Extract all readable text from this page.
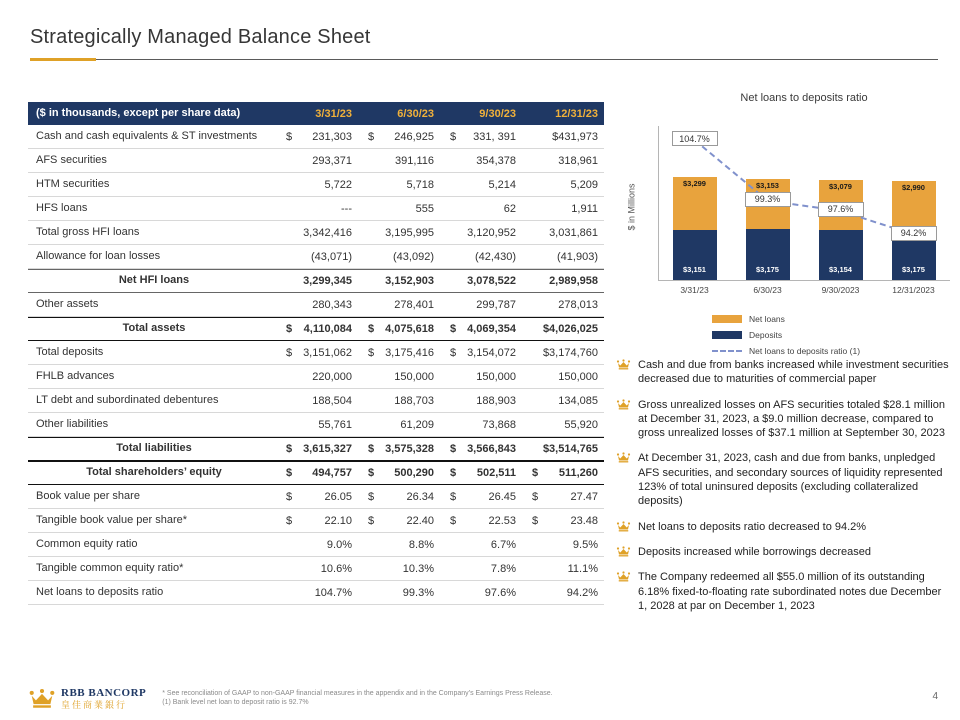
Strategically Managed Balance Sheet
($ in thousands, except per share data)	3/31/23	6/30/23	9/30/23	12/31/23
Cash and cash equivalents & ST investments	$ 231,303 $ 246,925 $ 331, 391	$431,973
AFS securities	293,371	391,116	354,378	318,961
HTM securities	5,722	5,718	5,214	5,209
HFS loans	---	555	62	1,911
Total gross HFI loans	3,342,416	3,195,995	3,120,952	3,031,861
Allowance for loan losses	(43,071)	(43,092)	(42,430)	(41,903)
Net HFI loans	3,299,345	3,152,903	3,078,522	2,989,958
Other assets	280,343	278,401	299,787	278,013
Total assets	$ 4,110,084 $ 4,075,618 $ 4,069,354	$4,026,025
Total deposits	$ 3,151,062 $ 3,175,416 $ 3,154,072	$3,174,760
FHLB advances	220,000	150,000	150,000	150,000
LT debt and subordinated debentures	188,504	188,703	188,903	134,085
Other liabilities	55,761	61,209	73,868	55,920
Total liabilities	$ 3,615,327 $ 3,575,328 $ 3,566,843	$3,514,765
Total shareholders’ equity	$ 494,757 $ 500,290 $ 502,511 $ 511,260
Book value per share	$	26.05 $	26.34 $	26.45 $	27.47
Tangible book value per share*	$	22.10 $	22.40 $	22.53 $	23.48
Common equity ratio	9.0%	8.8%	6.7%	9.5%
Tangible common equity ratio*	10.6%	10.3%	7.8%	11.1%
Net loans to deposits ratio	104.7%	99.3%	97.6%	94.2%
Net loans to deposits ratio
$ in Millions
$3,299
$3,151
3/31/23
104.7%
$3,153
$3,175
6/30/23
99.3%
$3,079
$3,154
9/30/2023
97.6%
$2,990
$3,175
12/31/2023
94.2%
Net loans
Deposits
Net loans to deposits ratio (1)
Cash and due from banks increased while investment securities decreased due to maturities of commercial paper
Gross unrealized losses on AFS securities totaled $28.1 million at December 31, 2023, a $9.0 million decrease, compared to gross unrealized losses of $37.1 million at September 30, 2023
At December 31, 2023, cash and due from banks, unpledged AFS securities, and secondary sources of liquidity represented 123% of total uninsured deposits (excluding collateralized deposits)
Net loans to deposits ratio decreased to 94.2%
Deposits increased while borrowings decreased
The Company redeemed all $55.0 million of its outstanding 6.18% fixed-to-floating rate subordinated notes due December 1, 2028 at par on December 1, 2023
RBB BANCORP
皇佳商業銀行
* See reconciliation of GAAP to non-GAAP financial measures in the appendix and in the Company’s Earnings Press Release.
(1) Bank level net loan to deposit ratio is 92.7%
4
